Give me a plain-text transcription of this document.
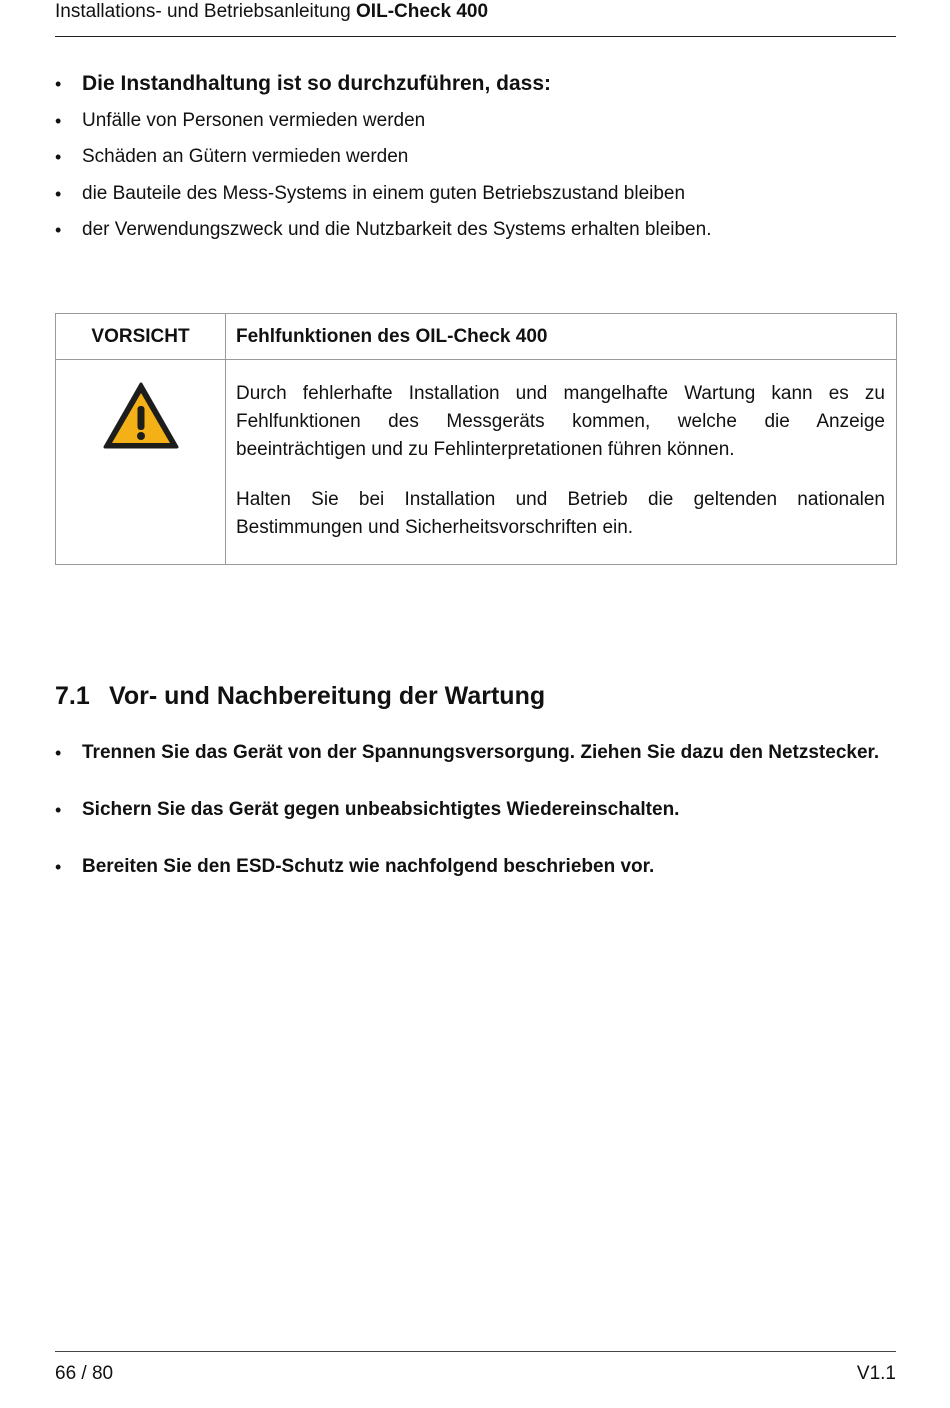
Installations- und Betriebsanleitung OIL-Check 400
• Die Instandhaltung ist so durchzuführen, dass:
• Unfälle von Personen vermieden werden
• Schäden an Gütern vermieden werden
• die Bauteile des Mess-Systems in einem guten Betriebszustand bleiben
• der Verwendungszweck und die Nutzbarkeit des Systems erhalten bleiben.
VORSICHT	Fehlfunktionen des OIL-Check 400

Durch fehlerhafte Installation und mangelhafte Wartung kann es zu Fehlfunktionen des Messgeräts kommen, welche die Anzeige beeinträchtigen und zu Fehlinterpretationen führen können.

Halten Sie bei Installation und Betrieb die geltenden nationalen Bestimmungen und Sicherheitsvorschriften ein.

7.1 Vor- und Nachbereitung der Wartung
• Trennen Sie das Gerät von der Spannungsversorgung. Ziehen Sie dazu den Netzstecker.
• Sichern Sie das Gerät gegen unbeabsichtigtes Wiedereinschalten.
• Bereiten Sie den ESD-Schutz wie nachfolgend beschrieben vor.
66 / 80	V1.1
